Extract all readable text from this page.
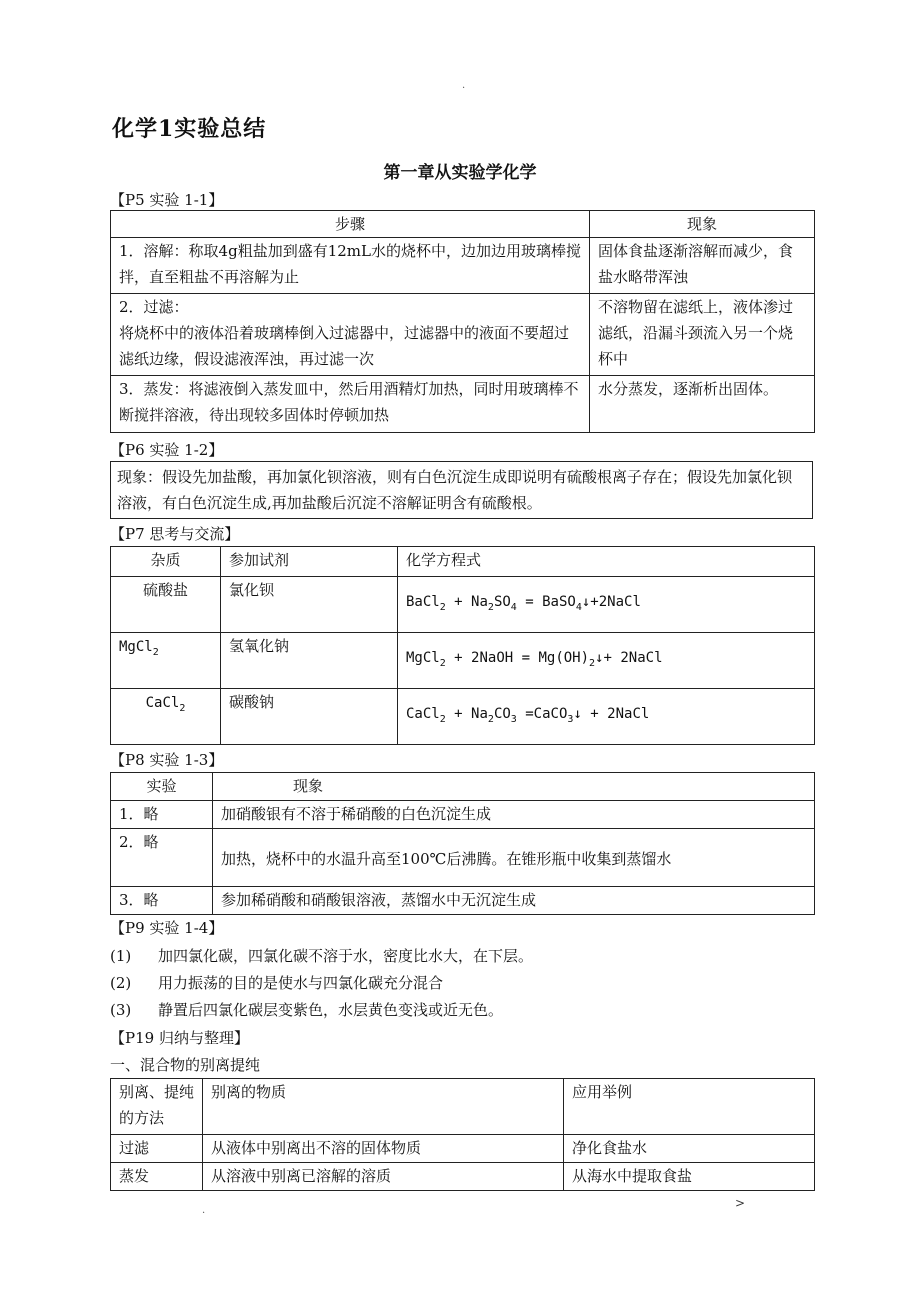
.
化学1实验总结
第一章从实验学化学
【P5 实验 1-1】
步骤	现象
1．溶解：称取4g粗盐加到盛有12mL水的烧杯中，边加边用玻璃棒搅拌，直至粗盐不再溶解为止	固体食盐逐渐溶解而减少，食盐水略带浑浊

2．过滤：
将烧杯中的液体沿着玻璃棒倒入过滤器中，过滤器中的液面不要超过滤纸边缘，假设滤液浑浊，再过滤一次	不溶物留在滤纸上，液体渗过滤纸，沿漏斗颈流入另一个烧杯中
3．蒸发：将滤液倒入蒸发皿中，然后用酒精灯加热，同时用玻璃棒不断搅拌溶液，待出现较多固体时停顿加热	水分蒸发，逐渐析出固体。
【P6 实验 1-2】
现象：假设先加盐酸，再加氯化钡溶液，则有白色沉淀生成即说明有硫酸根离子存在；假设先加氯化钡溶液，有白色沉淀生成,再加盐酸后沉淀不溶解证明含有硫酸根。
【P7 思考与交流】
杂质	参加试剂	化学方程式
硫酸盐	氯化钡	BaCl$_2$ + $Na_2SO_4$ = BaSO$_4$↓+2NaCl
MgCl$_2$	氢氧化钠	MgCl$_2$ + 2NaOH = $Mg(OH)_2↓+$ 2NaCl
CaCl$_2$	碳酸钠	CaCl$_2$ + $Na_2CO_3$ =CaCO$_3$↓ + 2NaCl
【P8 实验 1-3】
实验	现象
1．略	加硝酸银有不溶于稀硝酸的白色沉淀生成
2．略	加热，烧杯中的水温升高至100℃后沸腾。在锥形瓶中收集到蒸馏水
3．略	参加稀硝酸和硝酸银溶液，蒸馏水中无沉淀生成
【P9 实验 1-4】
(1) 加四氯化碳，四氯化碳不溶于水，密度比水大，在下层。
(2) 用力振荡的目的是使水与四氯化碳充分混合
(3) 静置后四氯化碳层变紫色，水层黄色变浅或近无色。
【P19 归纳与整理】
一、混合物的别离提纯
别离、提纯的方法	别离的物质	应用举例
过滤	从液体中别离出不溶的固体物质	净化食盐水
蒸发	从溶液中别离已溶解的溶质	从海水中提取食盐
.
>
